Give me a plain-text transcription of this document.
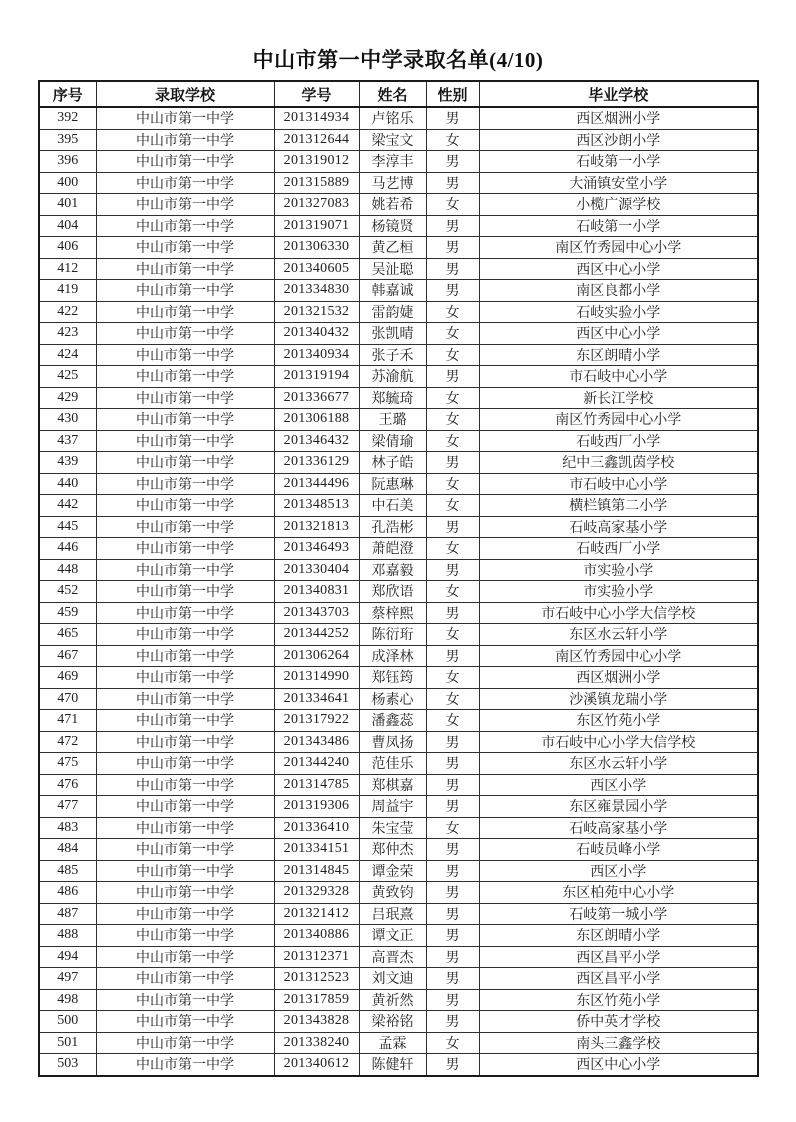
中山市第一中学录取名单(4/10)
序号	录取学校	学号	姓名	性别	毕业学校
392	中山市第一中学	201314934	卢铭乐	男	西区烟洲小学
395	中山市第一中学	201312644	梁宝文	女	西区沙朗小学
396	中山市第一中学	201319012	李淳丰	男	石岐第一小学
400	中山市第一中学	201315889	马艺博	男	大涌镇安堂小学
401	中山市第一中学	201327083	姚若希	女	小榄广源学校
404	中山市第一中学	201319071	杨镜贤	男	石岐第一小学
406	中山市第一中学	201306330	黄乙桓	男	南区竹秀园中心小学
412	中山市第一中学	201340605	吴沚聪	男	西区中心小学
419	中山市第一中学	201334830	韩嘉诚	男	南区良都小学
422	中山市第一中学	201321532	雷韵婕	女	石岐实验小学
423	中山市第一中学	201340432	张凯晴	女	西区中心小学
424	中山市第一中学	201340934	张子禾	女	东区朗晴小学
425	中山市第一中学	201319194	苏渝航	男	市石岐中心小学
429	中山市第一中学	201336677	郑毓琦	女	新长江学校
430	中山市第一中学	201306188	王璐	女	南区竹秀园中心小学
437	中山市第一中学	201346432	梁倩瑜	女	石岐西厂小学
439	中山市第一中学	201336129	林子皓	男	纪中三鑫凯茵学校
440	中山市第一中学	201344496	阮惠琳	女	市石岐中心小学
442	中山市第一中学	201348513	中石美	女	横栏镇第二小学
445	中山市第一中学	201321813	孔浩彬	男	石岐高家基小学
446	中山市第一中学	201346493	萧皑澄	女	石岐西厂小学
448	中山市第一中学	201330404	邓嘉毅	男	市实验小学
452	中山市第一中学	201340831	郑欣语	女	市实验小学
459	中山市第一中学	201343703	蔡梓熙	男	市石岐中心小学大信学校
465	中山市第一中学	201344252	陈衍珩	女	东区水云轩小学
467	中山市第一中学	201306264	成泽林	男	南区竹秀园中心小学
469	中山市第一中学	201314990	郑钰筠	女	西区烟洲小学
470	中山市第一中学	201334641	杨素心	女	沙溪镇龙瑞小学
471	中山市第一中学	201317922	潘鑫蕊	女	东区竹苑小学
472	中山市第一中学	201343486	曹凤扬	男	市石岐中心小学大信学校
475	中山市第一中学	201344240	范佳乐	男	东区水云轩小学
476	中山市第一中学	201314785	郑棋嘉	男	西区小学
477	中山市第一中学	201319306	周益宇	男	东区雍景园小学
483	中山市第一中学	201336410	朱宝莹	女	石岐高家基小学
484	中山市第一中学	201334151	郑仲杰	男	石岐员峰小学
485	中山市第一中学	201314845	谭金荣	男	西区小学
486	中山市第一中学	201329328	黄致钧	男	东区柏苑中心小学
487	中山市第一中学	201321412	吕珉熹	男	石岐第一城小学
488	中山市第一中学	201340886	谭文正	男	东区朗晴小学
494	中山市第一中学	201312371	高晋杰	男	西区昌平小学
497	中山市第一中学	201312523	刘文迪	男	西区昌平小学
498	中山市第一中学	201317859	黄祈然	男	东区竹苑小学
500	中山市第一中学	201343828	梁裕铭	男	侨中英才学校
501	中山市第一中学	201338240	孟霖	女	南头三鑫学校
503	中山市第一中学	201340612	陈健轩	男	西区中心小学
